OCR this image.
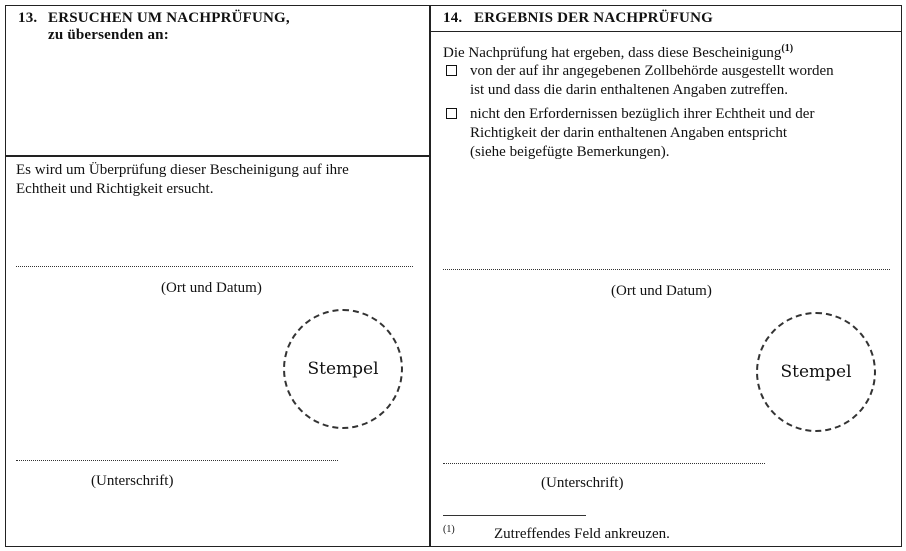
13. ERSUCHEN UM NACHPRÜFUNG,
zu übersenden an:
Es wird um Überprüfung dieser Bescheinigung auf ihre
Echtheit und Richtigkeit ersucht.
(Ort und Datum)
Stempel
(Unterschrift)
14. ERGEBNIS DER NACHPRÜFUNG
Die Nachprüfung hat ergeben, dass diese Bescheinigung$^{(1)}$
von der auf ihr angegebenen Zollbehörde ausgestellt worden
ist und dass die darin enthaltenen Angaben zutreffen.
nicht den Erfordernissen bezüglich ihrer Echtheit und der
Richtigkeit der darin enthaltenen Angaben entspricht
(siehe beigefügte Bemerkungen).
(Ort und Datum)
Stempel
(Unterschrift)
(1)	Zutreffendes Feld ankreuzen.
